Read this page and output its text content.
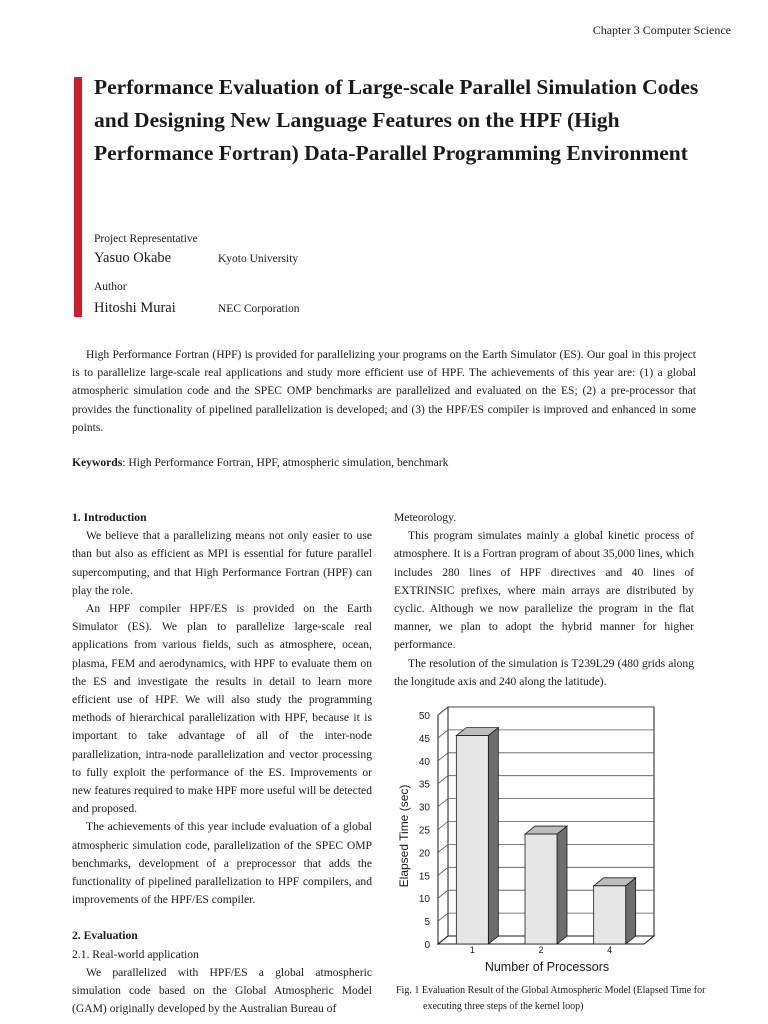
Chapter 3 Computer Science
Performance Evaluation of Large-scale Parallel Simulation Codes and Designing New Language Features on the HPF (High Performance Fortran) Data-Parallel Programming Environment
Project Representative
Yasuo Okabe	Kyoto University
Author
Hitoshi Murai	NEC Corporation

High Performance Fortran (HPF) is provided for parallelizing your programs on the Earth Simulator (ES). Our goal in this project is to parallelize large-scale real applications and study more efficient use of HPF. The achievements of this year are: (1) a global atmospheric simulation code and the SPEC OMP benchmarks are parallelized and evaluated on the ES; (2) a pre-processor that provides the functionality of pipelined parallelization is developed; and (3) the HPF/ES compiler is improved and enhanced in some points.

Keywords: High Performance Fortran, HPF, atmospheric simulation, benchmark
1. Introduction

We believe that a parallelizing means not only easier to use than but also as efficient as MPI is essential for future parallel supercomputing, and that High Performance Fortran (HPF) can play the role.

An HPF compiler HPF/ES is provided on the Earth Simulator (ES). We plan to parallelize large-scale real applications from various fields, such as atmosphere, ocean, plasma, FEM and aerodynamics, with HPF to evaluate them on the ES and investigate the results in detail to learn more efficient use of HPF. We will also study the programming methods of hierarchical parallelization with HPF, because it is important to take advantage of all of the inter-node parallelization, intra-node parallelization and vector processing to fully exploit the performance of the ES. Improvements or new features required to make HPF more useful will be detected and proposed.

The achievements of this year include evaluation of a global atmospheric simulation code, parallelization of the SPEC OMP benchmarks, development of a preprocessor that adds the functionality of pipelined parallelization to HPF compilers, and improvements of the HPF/ES compiler.

2. Evaluation

2.1. Real-world application

We parallelized with HPF/ES a global atmospheric simulation code based on the Global Atmospheric Model (GAM) originally developed by the Australian Bureau of

Meteorology.

This program simulates mainly a global kinetic process of atmosphere. It is a Fortran program of about 35,000 lines, which includes 280 lines of HPF directives and 40 lines of EXTRINSIC prefixes, where main arrays are distributed by cyclic. Although we now parallelize the program in the flat manner, we plan to adopt the hybrid manner for higher performance.

The resolution of the simulation is T239L29 (480 grids along the longitude axis and 240 along the latitude).

0
5
10
15
20
25
30
35
40
45
50
1	2	4
Elapsed Time (sec)
Number of Processors

Fig. 1 Evaluation Result of the Global Atmospheric Model (Elapsed Time for executing three steps of the kernel loop)
